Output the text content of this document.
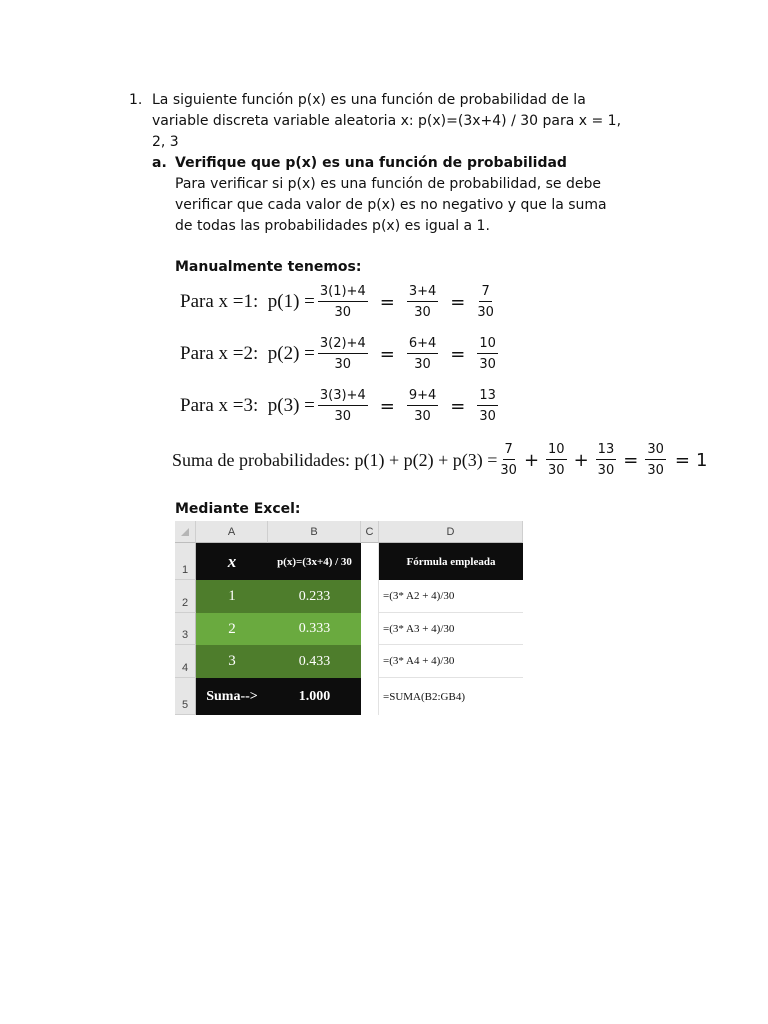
1. La siguiente función p(x) es una función de probabilidad de la
variable discreta variable aleatoria x: p(x)=(3x+4) / 30 para x = 1,
2, 3
a. Verifique que p(x) es una función de probabilidad
Para verificar si p(x) es una función de probabilidad, se debe
verificar que cada valor de p(x) es no negativo y que la suma
de todas las probabilidades p(x) es igual a 1.
Manualmente tenemos:
Para x =1:  $p(1) = \frac{3(1)+4}{30} = \frac{3+4}{30} = \frac{7}{30}$
Para x =2:  $p(2) = \frac{3(2)+4}{30} = \frac{6+4}{30} = \frac{10}{30}$
Para x =3:  $p(3) = \frac{3(3)+4}{30} = \frac{9+4}{30} = \frac{13}{30}$
Suma de probabilidades: $p(1) + p(2) + p(3) = \frac{7}{30} + \frac{10}{30} + \frac{13}{30} = \frac{30}{30} = 1$
Mediante Excel:
A	B	C	D
1
2
3
4
5
x	p(x)=(3x+4) / 30	Fórmula empleada
1	0.233	=(3* A2 + 4)/30
2	0.333	=(3* A3 + 4)/30
3	0.433	=(3* A4 + 4)/30
Suma-->	1.000	=SUMA(B2:GB4)
